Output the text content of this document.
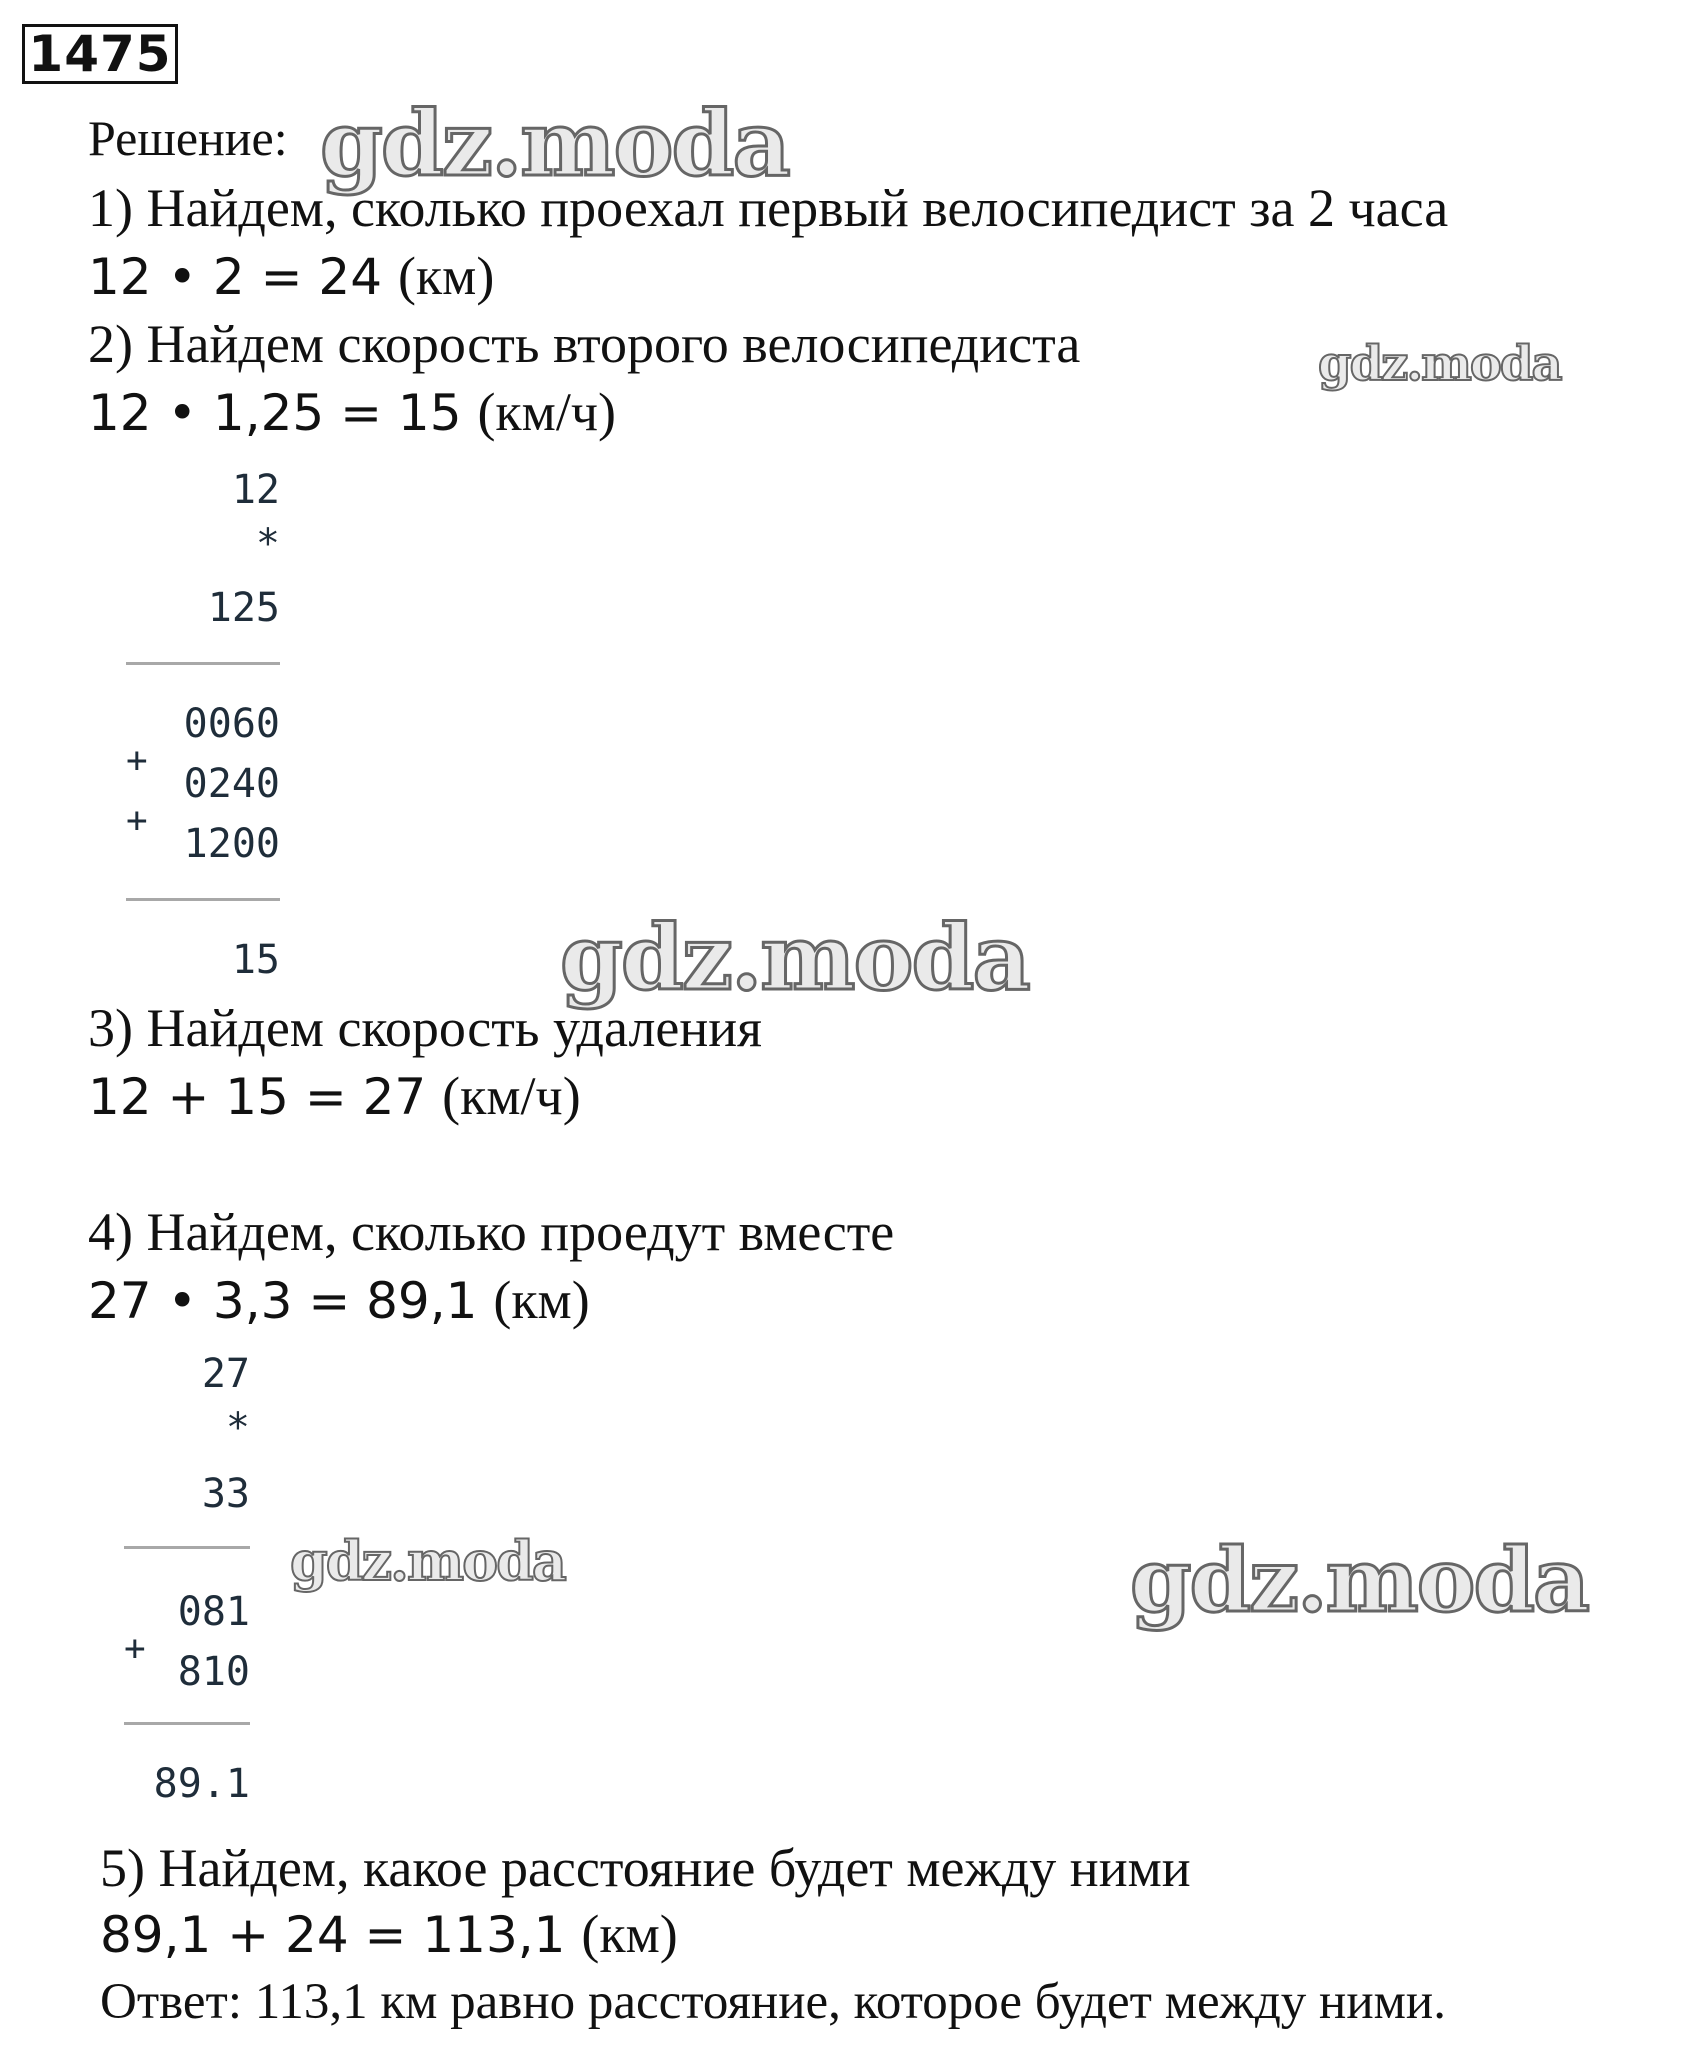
1475
Решение:
1) Найдем, сколько проехал первый велосипедист за 2 часа
12 • 2 = 24 (км)
2) Найдем скорость второго велосипедиста
12 • 1,25 = 15 (км/ч)
12
*
125
0060
+
0240
+
1200
15
3) Найдем скорость удаления
12 + 15 = 27 (км/ч)
4) Найдем, сколько проедут вместе
27 • 3,3 = 89,1 (км)
27
*
33
081
+
810
89.1
5) Найдем, какое расстояние будет между ними
89,1 + 24 = 113,1 (км)
Ответ: 113,1 км равно расстояние, которое будет между ними.
gdz.moda
gdz.moda
gdz.moda
gdz.moda	gdz.moda
